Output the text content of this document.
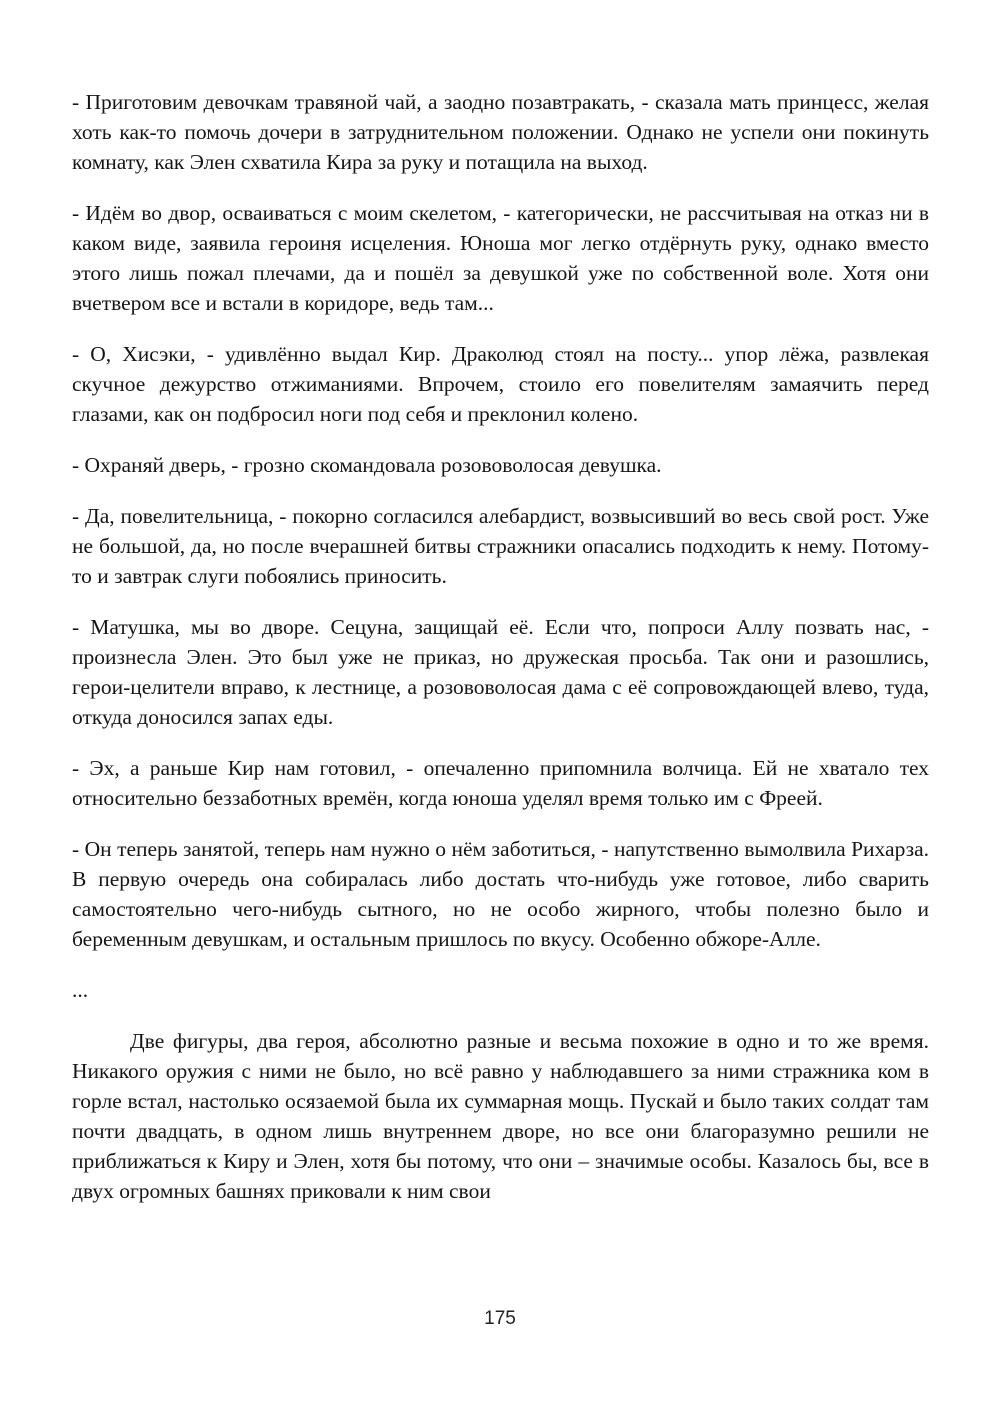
- Приготовим девочкам травяной чай, а заодно позавтракать, - сказала мать принцесс, желая хоть как-то помочь дочери в затруднительном положении. Однако не успели они покинуть комнату, как Элен схватила Кира за руку и потащила на выход.

- Идём во двор, осваиваться с моим скелетом, - категорически, не рассчитывая на отказ ни в каком виде, заявила героиня исцеления. Юноша мог легко отдёрнуть руку, однако вместо этого лишь пожал плечами, да и пошёл за девушкой уже по собственной воле. Хотя они вчетвером все и встали в коридоре, ведь там...

- О, Хисэки, - удивлённо выдал Кир. Драколюд стоял на посту... упор лёжа, развлекая скучное дежурство отжиманиями. Впрочем, стоило его повелителям замаячить перед глазами, как он подбросил ноги под себя и преклонил колено.

- Охраняй дверь, - грозно скомандовала розововолосая девушка.

- Да, повелительница, - покорно согласился алебардист, возвысивший во весь свой рост. Уже не большой, да, но после вчерашней битвы стражники опасались подходить к нему. Потому-то и завтрак слуги побоялись приносить.

- Матушка, мы во дворе. Сецуна, защищай её. Если что, попроси Аллу позвать нас, - произнесла Элен. Это был уже не приказ, но дружеская просьба. Так они и разошлись, герои-целители вправо, к лестнице, а розововолосая дама с её сопровождающей влево, туда, откуда доносился запах еды.

- Эх, а раньше Кир нам готовил, - опечаленно припомнила волчица. Ей не хватало тех относительно беззаботных времён, когда юноша уделял время только им с Фреей.

- Он теперь занятой, теперь нам нужно о нём заботиться, - напутственно вымолвила Рихарза. В первую очередь она собиралась либо достать что-нибудь уже готовое, либо сварить самостоятельно чего-нибудь сытного, но не особо жирного, чтобы полезно было и беременным девушкам, и остальным пришлось по вкусу. Особенно обжоре-Алле.

...

Две фигуры, два героя, абсолютно разные и весьма похожие в одно и то же время. Никакого оружия с ними не было, но всё равно у наблюдавшего за ними стражника ком в горле встал, настолько осязаемой была их суммарная мощь. Пускай и было таких солдат там почти двадцать, в одном лишь внутреннем дворе, но все они благоразумно решили не приближаться к Киру и Элен, хотя бы потому, что они – значимые особы. Казалось бы, все в двух огромных башнях приковали к ним свои

175
